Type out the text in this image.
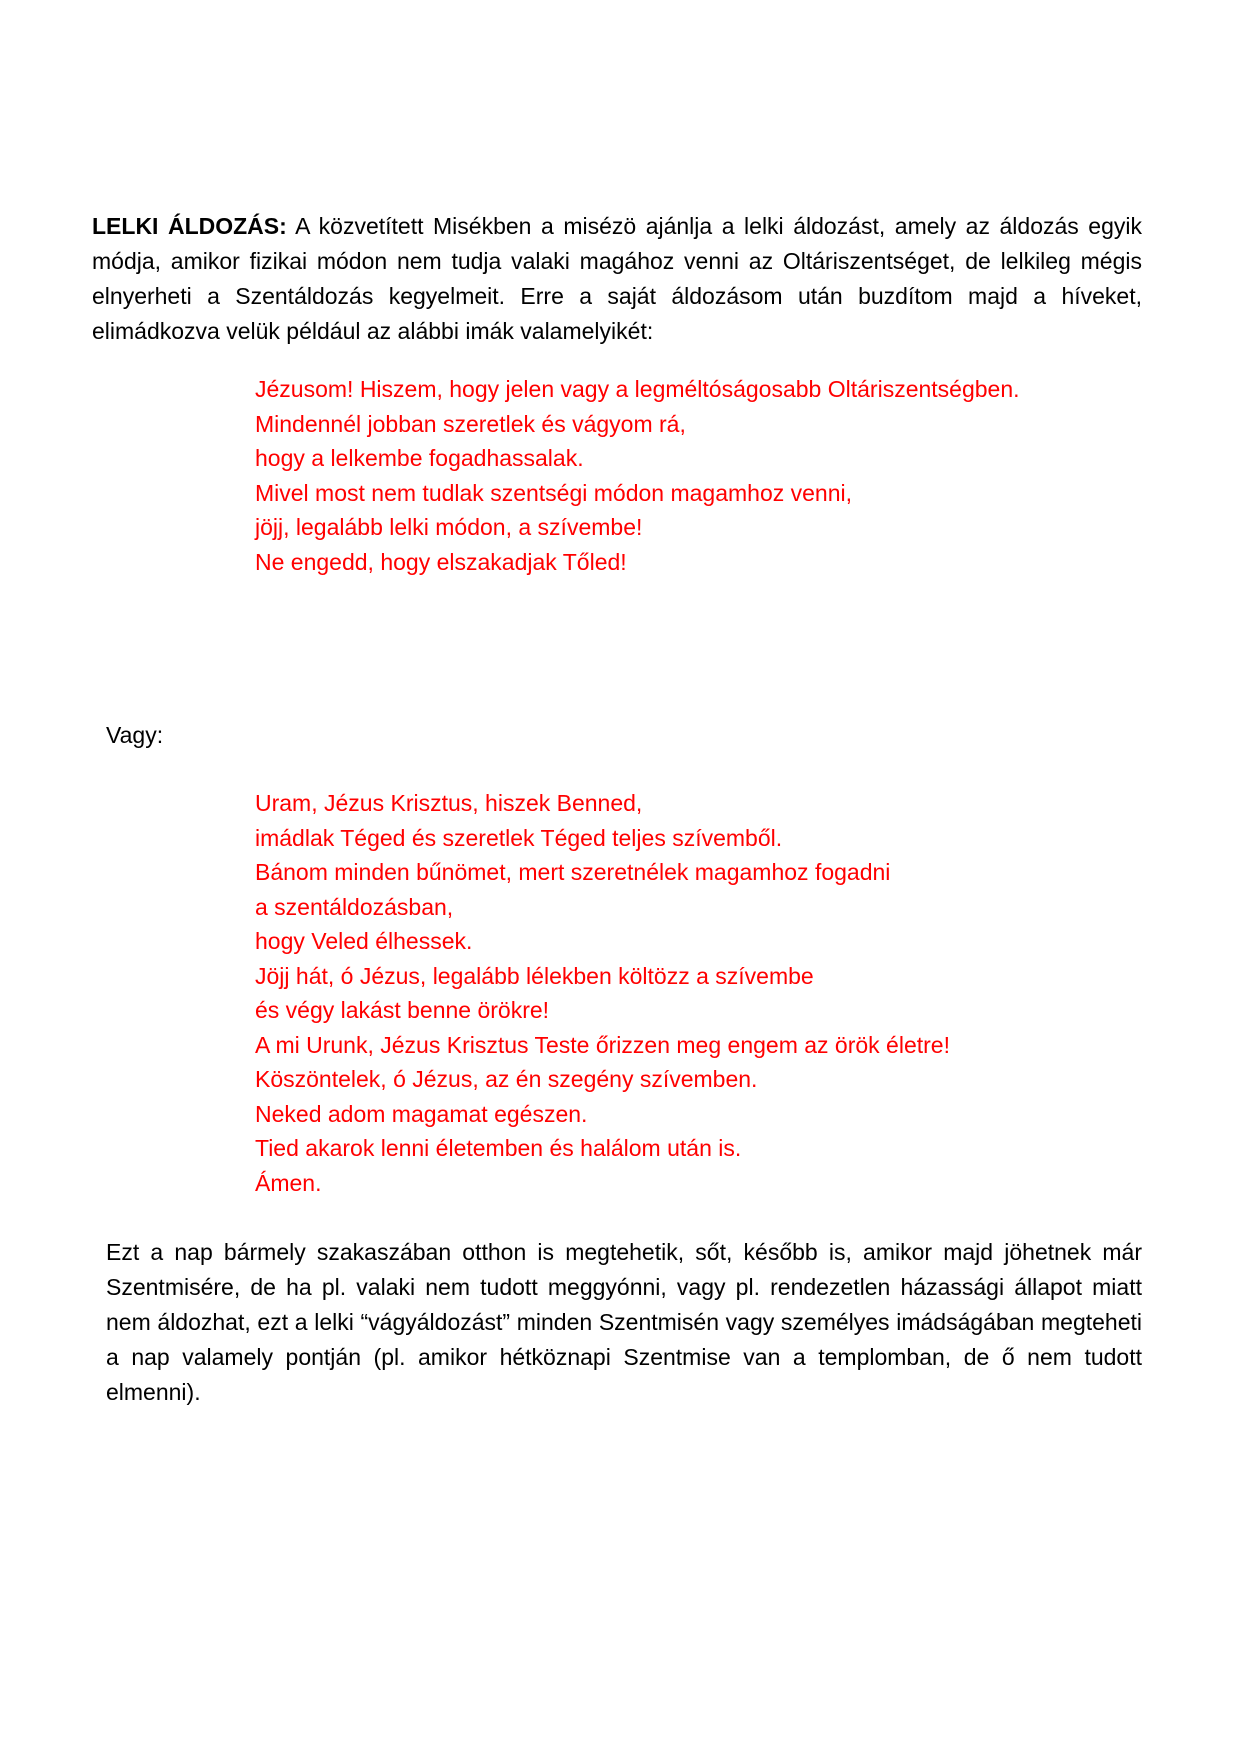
LELKI ÁLDOZÁS: A közvetített Misékben a misézö ajánlja a lelki áldozást, amely az áldozás egyik módja, amikor fizikai módon nem tudja valaki magához venni az Oltáriszentséget, de lelkileg mégis elnyerheti a Szentáldozás kegyelmeit. Erre a saját áldozásom után buzdítom majd a híveket, elimádkozva velük például az alábbi imák valamelyikét:

Jézusom! Hiszem, hogy jelen vagy a legméltóságosabb Oltáriszentségben.
Mindennél jobban szeretlek és vágyom rá,
hogy a lelkembe fogadhassalak.
Mivel most nem tudlak szentségi módon magamhoz venni,
jöjj, legalább lelki módon, a szívembe!
Ne engedd, hogy elszakadjak Tőled!

Vagy:

Uram, Jézus Krisztus, hiszek Benned,
imádlak Téged és szeretlek Téged teljes szívemből.
Bánom minden bűnömet, mert szeretnélek magamhoz fogadni
a szentáldozásban,
hogy Veled élhessek.
Jöjj hát, ó Jézus, legalább lélekben költözz a szívembe
és végy lakást benne örökre!
A mi Urunk, Jézus Krisztus Teste őrizzen meg engem az örök életre!
Köszöntelek, ó Jézus, az én szegény szívemben.
Neked adom magamat egészen.
Tied akarok lenni életemben és halálom után is.
Ámen.

Ezt a nap bármely szakaszában otthon is megtehetik, sőt, később is, amikor majd jöhetnek már Szentmisére, de ha pl. valaki nem tudott meggyónni, vagy pl. rendezetlen házassági állapot miatt nem áldozhat, ezt a lelki “vágyáldozást” minden Szentmisén vagy személyes imádságában megteheti a nap valamely pontján (pl. amikor hétköznapi Szentmise van a templomban, de ő nem tudott elmenni).
